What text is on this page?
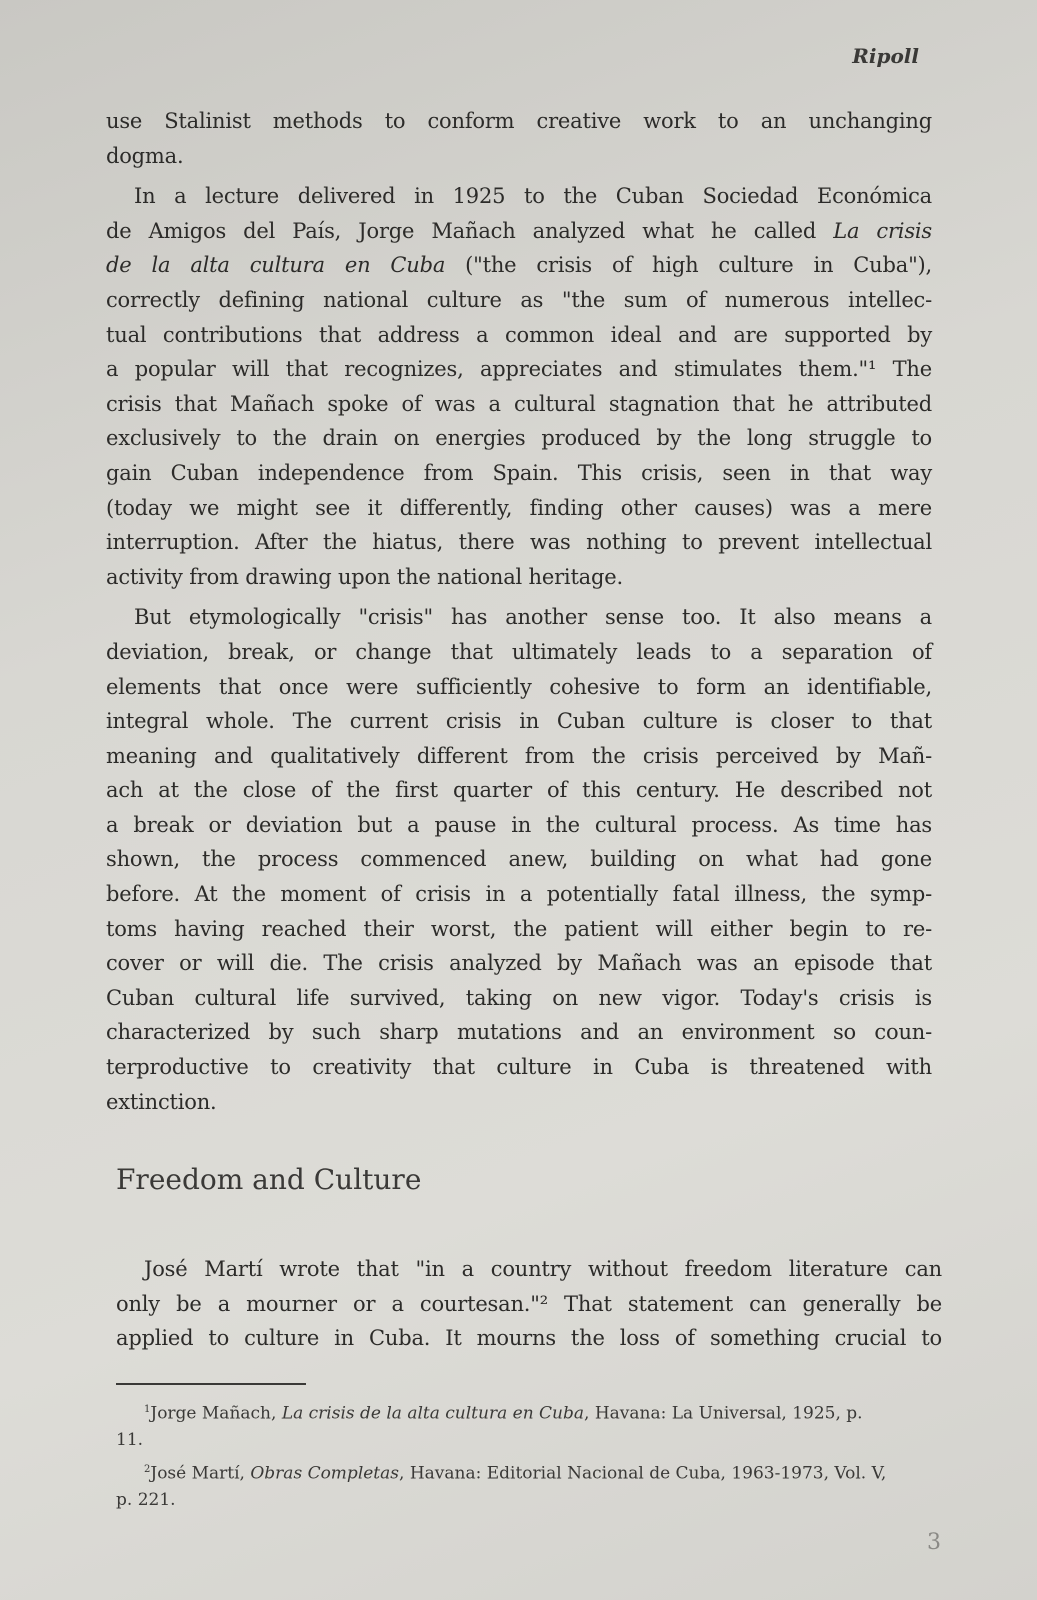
Ripoll
use Stalinist methods to conform creative work to an unchanging
dogma.
In a lecture delivered in 1925 to the Cuban Sociedad Económica
de Amigos del País, Jorge Mañach analyzed what he called La crisis
de la alta cultura en Cuba ("the crisis of high culture in Cuba"),
correctly defining national culture as "the sum of numerous intellec-
tual contributions that address a common ideal and are supported by
a popular will that recognizes, appreciates and stimulates them."¹ The
crisis that Mañach spoke of was a cultural stagnation that he attributed
exclusively to the drain on energies produced by the long struggle to
gain Cuban independence from Spain. This crisis, seen in that way
(today we might see it differently, finding other causes) was a mere
interruption. After the hiatus, there was nothing to prevent intellectual
activity from drawing upon the national heritage.
But etymologically "crisis" has another sense too. It also means a
deviation, break, or change that ultimately leads to a separation of
elements that once were sufficiently cohesive to form an identifiable,
integral whole. The current crisis in Cuban culture is closer to that
meaning and qualitatively different from the crisis perceived by Mañ-
ach at the close of the first quarter of this century. He described not
a break or deviation but a pause in the cultural process. As time has
shown, the process commenced anew, building on what had gone
before. At the moment of crisis in a potentially fatal illness, the symp-
toms having reached their worst, the patient will either begin to re-
cover or will die. The crisis analyzed by Mañach was an episode that
Cuban cultural life survived, taking on new vigor. Today's crisis is
characterized by such sharp mutations and an environment so coun-
terproductive to creativity that culture in Cuba is threatened with
extinction.
Freedom and Culture
José Martí wrote that "in a country without freedom literature can
only be a mourner or a courtesan."² That statement can generally be
applied to culture in Cuba. It mourns the loss of something crucial to
$^1$Jorge Mañach, La crisis de la alta cultura en Cuba, Havana: La Universal, 1925, p.
11.
$^2$José Martí, Obras Completas, Havana: Editorial Nacional de Cuba, 1963-1973, Vol. V,
p. 221.
3
